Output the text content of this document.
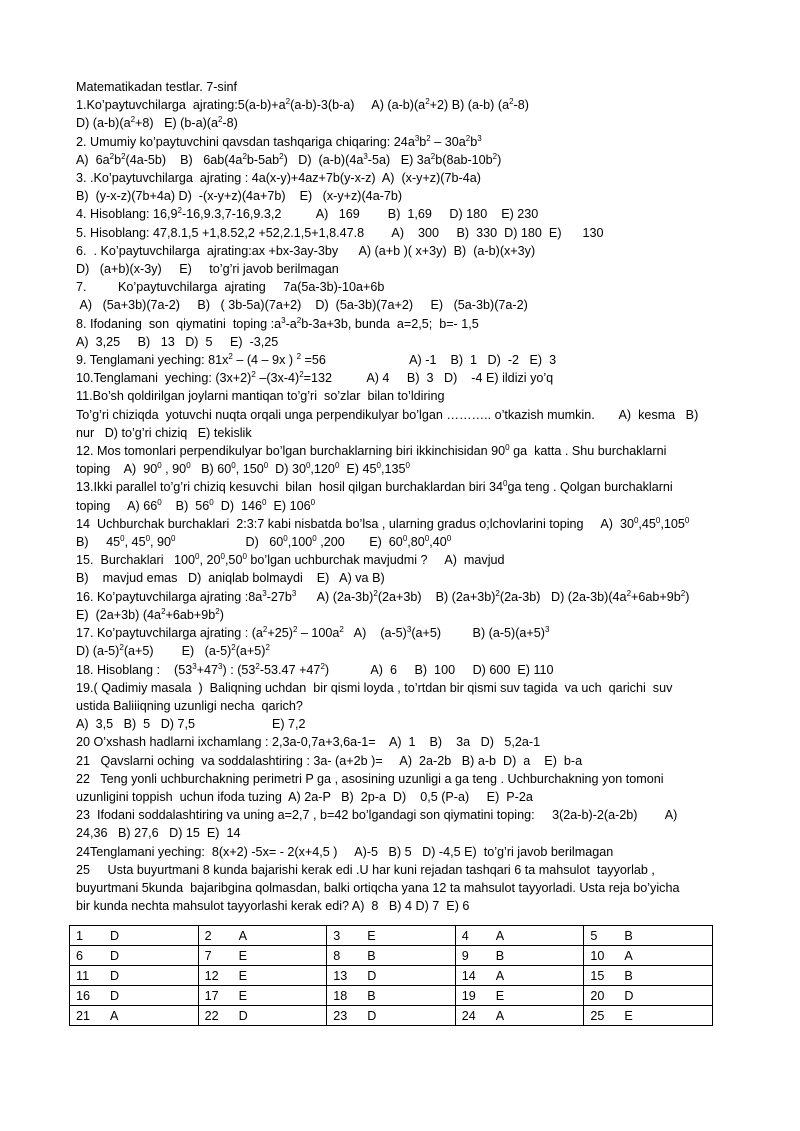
Matematikadan testlar. 7-sinf
1.Ko’paytuvchilarga  $ajrating:5(a-b)+a^2(a-b)-3(b-a)$     A) $(a-b)(a^2+2)$ B) (a-b) $(a^2-8)$
D) $(a-b)(a^2+8)$   E) $(b-a)(a^2-8)$
2. Umumiy ko’paytuvchini qavsdan tashqariga chiqaring: $24a^3b^2 - 30a^2b^3$
A)  $6a^2b^2(4a-5b)$    B)   $6ab(4a^2b-5ab^2)$   D)  $(a-b)(4a^3-5a)$   E) $3a^2b(8ab-10b^2)$
3. .Ko’paytuvchilarga  ajrating : 4a(x-y)+4az+7b(y-x-z)  A)  (x-y+z)(7b-4a)
B)  (y-x-z)(7b+4a) D)  -(x-y+z)(4a+7b)    E)   (x-y+z)(4a-7b)
4. Hisoblang: 16,9$^2$-16,9.3,7-16,9.3,2          A)   169        B)  1,69     D) 180    E) 230
5. Hisoblang: 47,8.1,5 +1,8.52,2 +52,2.1,5+1,8.47.8        A)    300     B)  330  D) 180  E)      130
6.  . Ko’paytuvchilarga  ajrating:ax +bx-3ay-3by      A) (a+b )( x+3y)  B)  (a-b)(x+3y)
D)   (a+b)(x-3y)     E)     to’g’ri javob berilmagan
7.         Ko’paytuvchilarga  ajrating     7a(5a-3b)-10a+6b
A)   (5a+3b)(7a-2)     B)   ( 3b-5a)(7a+2)    D)  (5a-3b)(7a+2)     E)   (5a-3b)(7a-2)
8. Ifodaning  son  qiymatini  toping $:a^3-a^2b-3a+3b$, bunda  a=2,5;  b=- 1,5
A)  3,25     B)   13   D)  5     E)  -3,25
9. Tenglamani yeching: $81x^2 - (4 - 9x$ ) $^2$ =56                        A) -1    B)  1   D)  -2   E)  3
10.Tenglamani  yeching: $(3x+2)^2$ $-(3x-4)^2=132$          A) 4     B)  3   D)    -4 E) ildizi yo’q
11.Bo’sh qoldirilgan joylarni mantiqan to’g’ri  so’zlar  bilan to’ldiring
To’g’ri chiziqda  yotuvchi nuqta orqali unga perpendikulyar bo’lgan ……….. o’tkazish mumkin.       A)  kesma   B)
nur   D) to’g’ri chiziq   E) tekislik
12. Mos tomonlari perpendikulyar bo’lgan burchaklarning biri ikkinchisidan $90^0$ ga  katta . Shu burchaklarni
toping    A)  $90^0$ , $90^0$   B) $60^0$, $150^0$  D) $30^0,120^0$  E) $45^0,135^0$
13.Ikki parallel to’g’ri chiziq kesuvchi  bilan  hosil qilgan burchaklardan biri $34^0ga$ teng . Qolgan burchaklarni
toping     A) $66^0$    B)  $56^0$  D)  $146^0$  E) $106^0$
14  Uchburchak burchaklari  2:3:7 kabi nisbatda bo’lsa , ularning gradus o;lchovlarini toping     A)  $30^0,45^0,105^0$
B)     $45^0$, $45^0$, $90^0$                    D)   $60^0,100^0$ ,200       E)  $60^0,80^0,40^0$
15.  Burchaklari   $100^0$, $20^0,50^0$ bo’lgan uchburchak mavjudmi ?     A)  mavjud
B)    mavjud emas   D)  aniqlab bolmaydi    E)   A) va B)
16. Ko’paytuvchilarga ajrating $:8a^3-27b^3$      A) $(2a-3b)^2(2a+3b)$    B) $(2a+3b)^2(2a-3b)$   D) $(2a-3b)(4a^2+6ab+9b^2)$
E)  (2a+3b) $(4a^2+6ab+9b^2)$
17. Ko’paytuvchilarga ajrating : $(a^2+25)^2 - 100a^2$   A)    $(a-5)^3(a+5)$         B) $(a-5)(a+5)^3$
D) $(a-5)^2(a+5)$        E)   $(a-5)^2(a+5)^2$
18. Hisoblang :    $(53^3+47^3)$ : $(53^2-53.47 +47^2)$            A)  6     B)  100     D) 600  E) 110
19.( Qadimiy masala  )  Baliqning uchdan  bir qismi loyda , to’rtdan bir qismi suv tagida  va uch  qarichi  suv
ustida Baliiiqning uzunligi necha  qarich?
A)  3,5   B)  5   D) 7,5                      E) 7,2
20 O’xshash hadlarni ixchamlang : 2,3a-0,7a+3,6a-1=    A)  1    B)    3a   D)   5,2a-1
21   Qavslarni oching  va soddalashtiring : 3a- (a+2b )=     A)  2a-2b   B) a-b  D)  a    E)  b-a
22   Teng yonli uchburchakning perimetri P ga , asosining uzunligi a ga teng . Uchburchakning yon tomoni
uzunligini toppish  uchun ifoda tuzing  A) 2a-P   B)  2p-a  D)    0,5 (P-a)     E)  P-2a
23  Ifodani soddalashtiring va uning a=2,7 , b=42 bo’lgandagi son qiymatini toping:     3(2a-b)-2(a-2b)        A)
24,36   B) 27,6   D) 15  E)  14
24Tenglamani yeching:  8(x+2) -5x= - 2(x+4,5 )     A)-5   B) 5   D) -4,5 E)  to’g’ri javob berilmagan
25     Usta buyurtmani 8 kunda bajarishi kerak edi .U har kuni rejadan tashqari 6 ta mahsulot  tayyorlab ,
buyurtmani 5kunda  bajaribgina qolmasdan, balki ortiqcha yana 12 ta mahsulot tayyorladi. Usta reja bo’yicha
bir kunda nechta mahsulot tayyorlashi kerak edi? A)  8   B) 4 D) 7  E) 6
1 D	2 A	3 E	4 A	5 B
6 D	7 E	8 B	9 B	10 A
11 D	12 E	13 D	14 A	15 B
16 D	17 E	18 B	19 E	20 D
21 A	22 D	23 D	24 A	25 E
